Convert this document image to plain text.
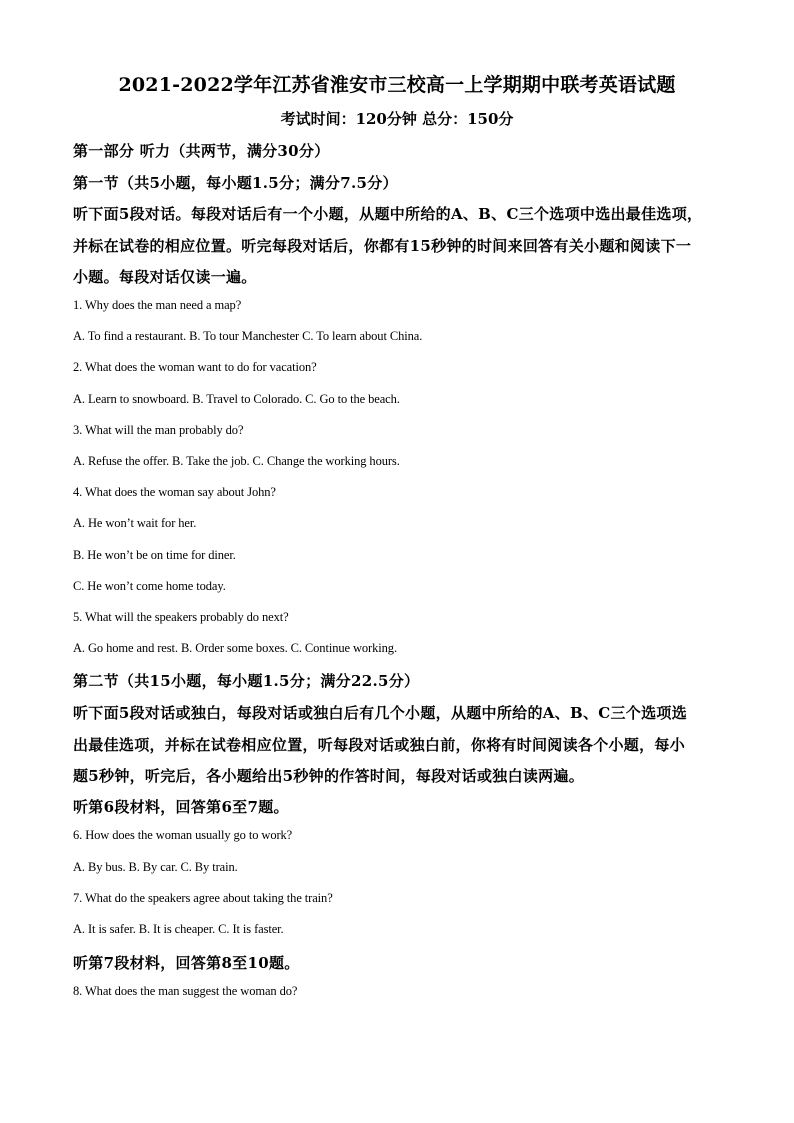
2021-2022学年江苏省淮安市三校高一上学期期中联考英语试题
考试时间：120分钟 总分：150分
第一部分 听力（共两节，满分30分）
第一节（共5小题，每小题1.5分；满分7.5分）
听下面5段对话。每段对话后有一个小题，从题中所给的A、B、C三个选项中选出最佳选项，
并标在试卷的相应位置。听完每段对话后，你都有15秒钟的时间来回答有关小题和阅读下一
小题。每段对话仅读一遍。
1. Why does the man need a map?
A. To find a restaurant. B. To tour Manchester C. To learn about China.
2. What does the woman want to do for vacation?
A. Learn to snowboard. B. Travel to Colorado. C. Go to the beach.
3. What will the man probably do?
A. Refuse the offer. B. Take the job. C. Change the working hours.
4. What does the woman say about John?
A. He won’t wait for her.
B. He won’t be on time for diner.
C. He won’t come home today.
5. What will the speakers probably do next?
A. Go home and rest. B. Order some boxes. C. Continue working.
第二节（共15小题，每小题1.5分；满分22.5分）
听下面5段对话或独白，每段对话或独白后有几个小题，从题中所给的A、B、C三个选项选
出最佳选项，并标在试卷相应位置，听每段对话或独白前，你将有时间阅读各个小题，每小
题5秒钟，听完后，各小题给出5秒钟的作答时间，每段对话或独白读两遍。
听第6段材料，回答第6至7题。
6. How does the woman usually go to work?
A. By bus. B. By car. C. By train.
7. What do the speakers agree about taking the train?
A. It is safer. B. It is cheaper. C. It is faster.
听第7段材料，回答第8至10题。
8. What does the man suggest the woman do?
